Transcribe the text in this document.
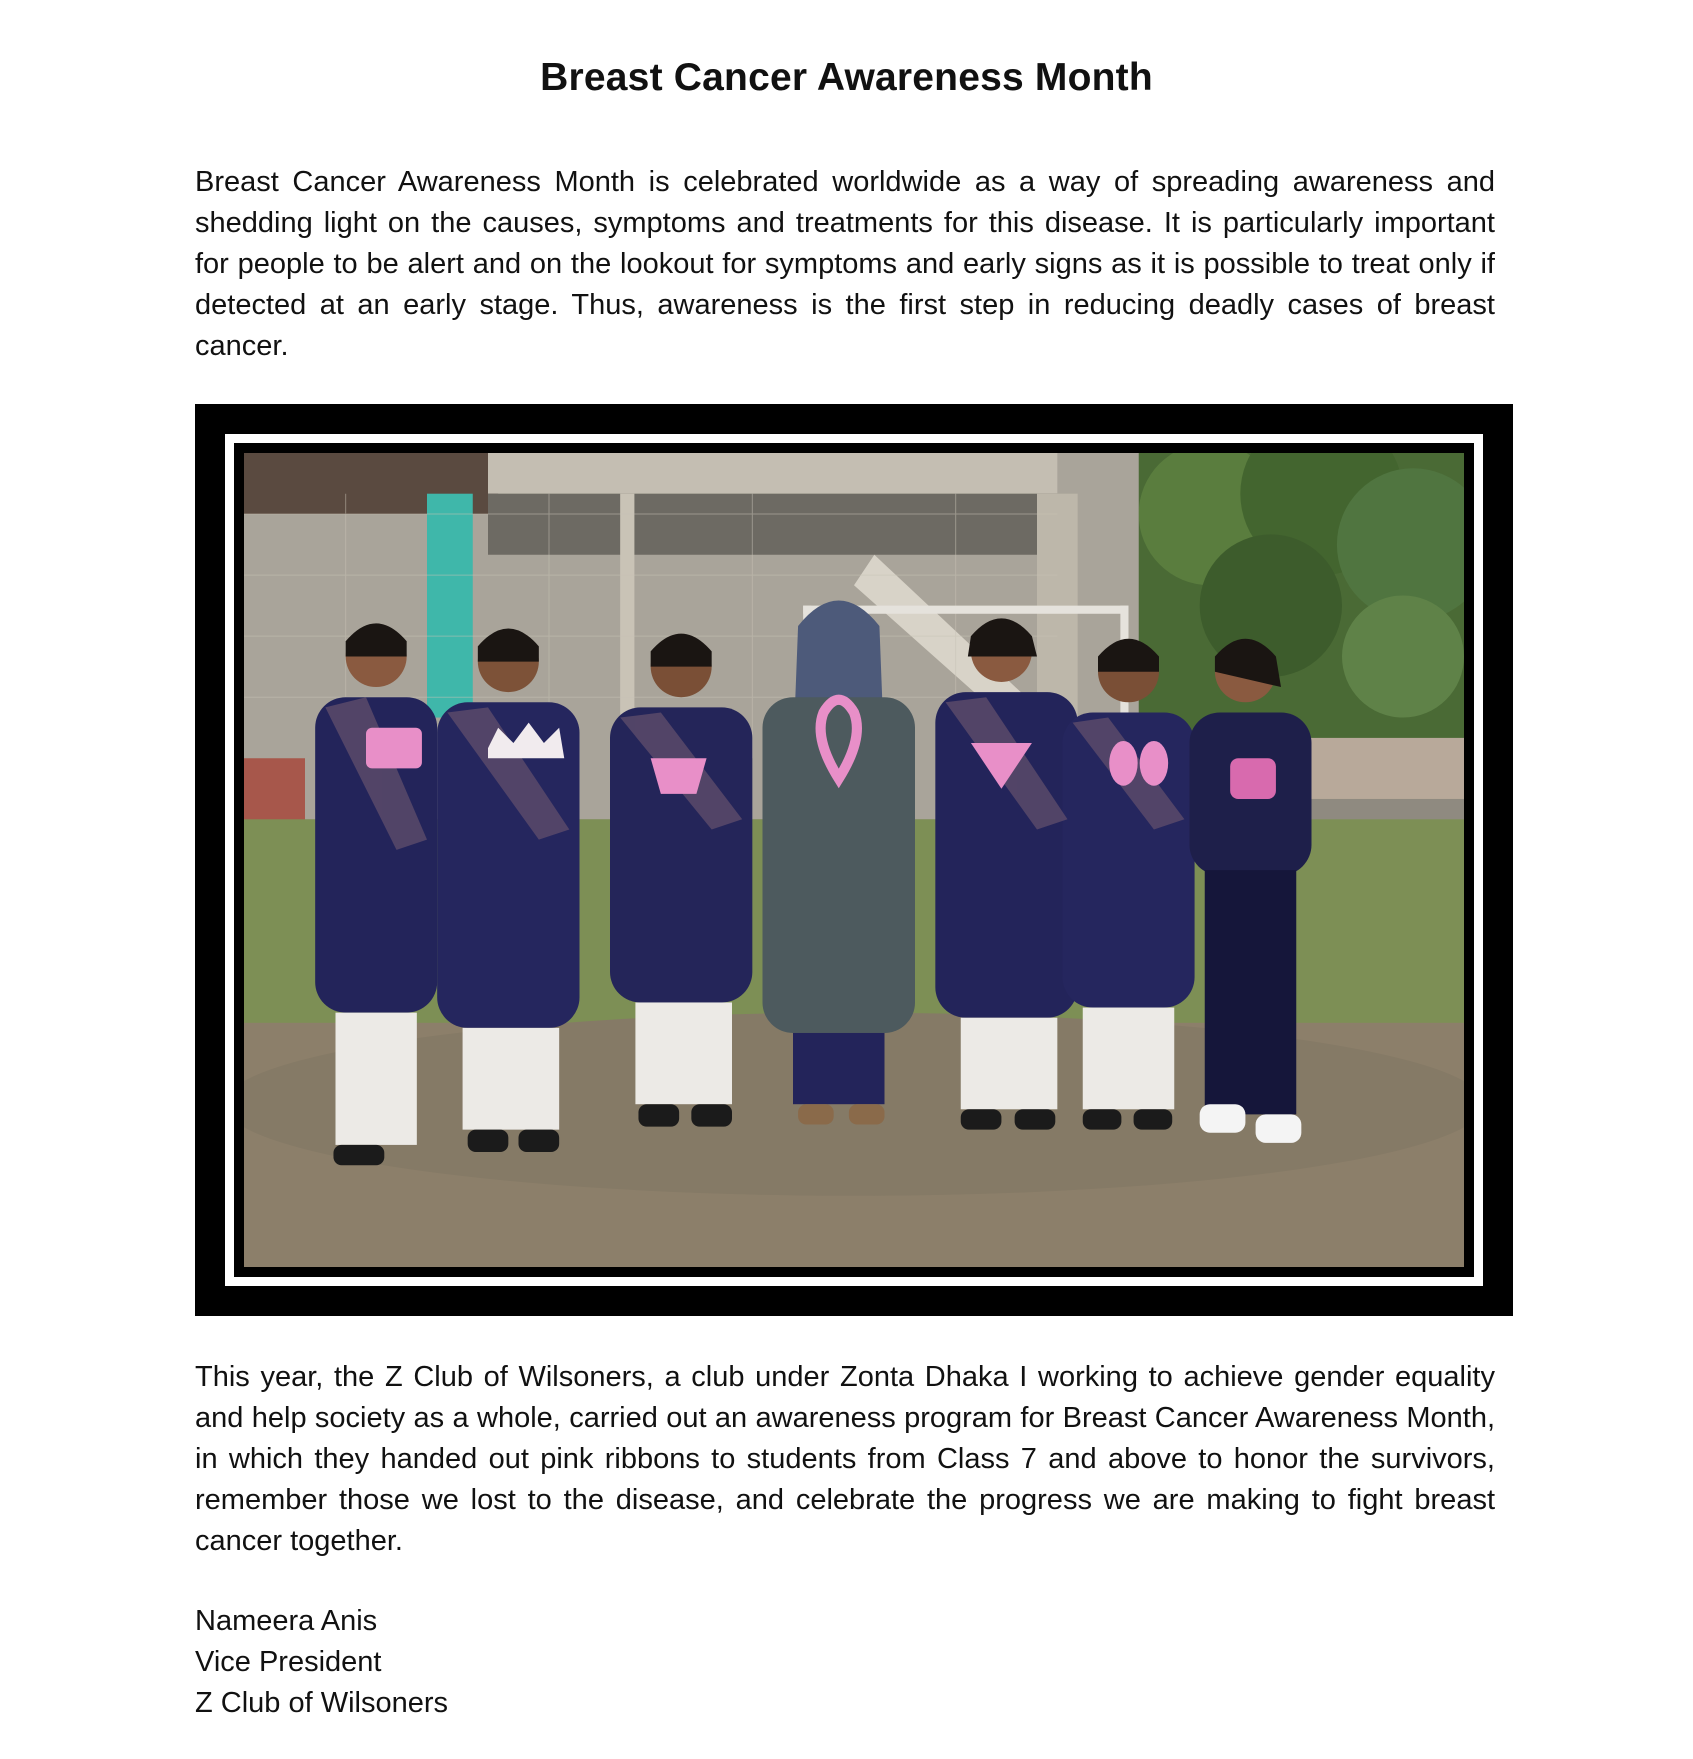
Breast Cancer Awareness Month

Breast Cancer Awareness Month is celebrated worldwide as a way of spreading awareness and shedding light on the causes, symptoms and treatments for this disease. It is particularly important for people to be alert and on the lookout for symptoms and early signs as it is possible to treat only if detected at an early stage. Thus, awareness is the first step in reducing deadly cases of breast cancer.

This year, the Z Club of Wilsoners, a club under Zonta Dhaka I working to achieve gender equality and help society as a whole, carried out an awareness program for Breast Cancer Awareness Month, in which they handed out pink ribbons to students from Class 7 and above to honor the survivors, remember those we lost to the disease, and celebrate the progress we are making to fight breast cancer together.

Nameera Anis
Vice President
Z Club of Wilsoners
